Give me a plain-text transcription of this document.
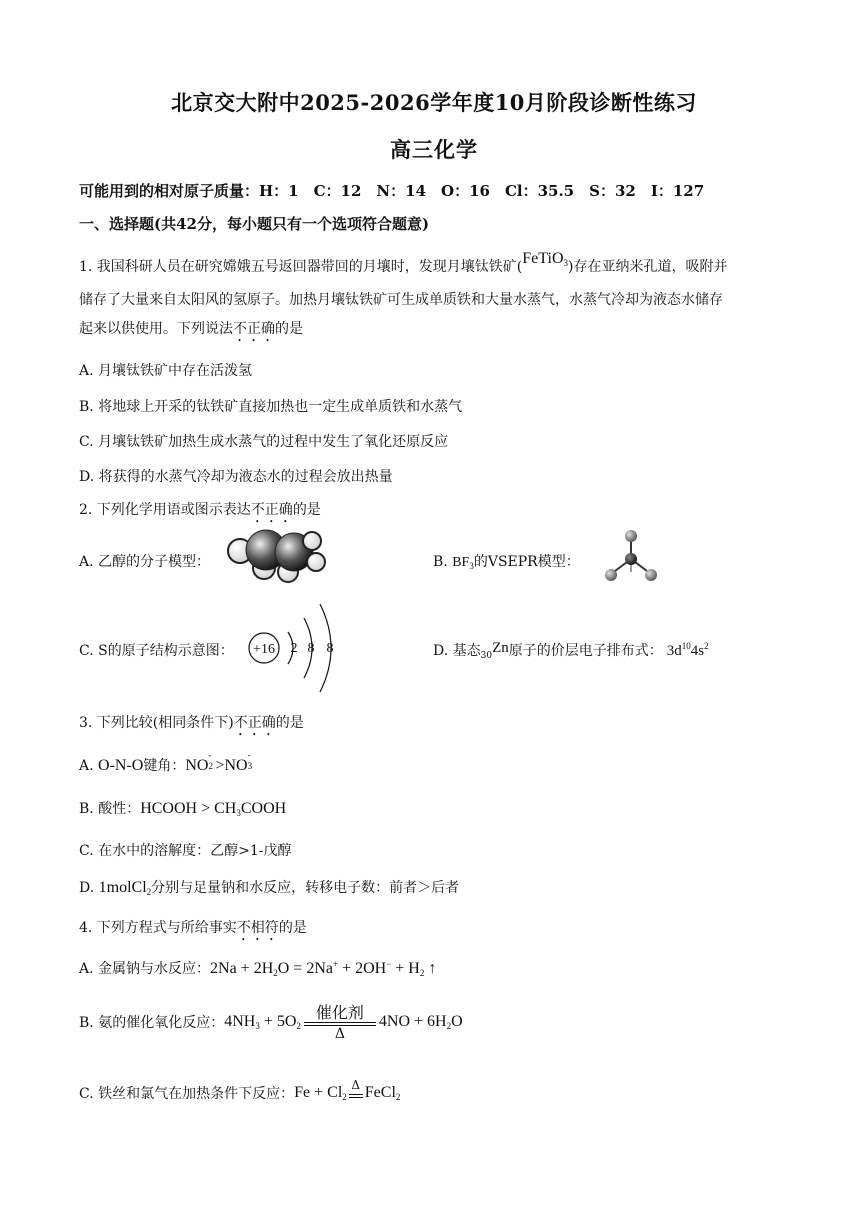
北京交大附中2025-2026学年度10月阶段诊断性练习
高三化学
可能用到的相对原子质量：H：1　C：12　N：14　O：16　Cl：35.5　S：32　I：127
一、选择题(共42分，每小题只有一个选项符合题意)
1. 我国科研人员在研究嫦娥五号返回器带回的月壤时，发现月壤钛铁矿(FeTiO$_3$)存在亚纳米孔道，吸附并
储存了大量来自太阳风的氢原子。加热月壤钛铁矿可生成单质铁和大量水蒸气，水蒸气冷却为液态水储存
起来以供使用。下列说法不正确的是
A. 月壤钛铁矿中存在活泼氢
B. 将地球上开采的钛铁矿直接加热也一定生成单质铁和水蒸气
C. 月壤钛铁矿加热生成水蒸气的过程中发生了氧化还原反应
D. 将获得的水蒸气冷却为液态水的过程会放出热量
2. 下列化学用语或图示表达不正确的是
A. 乙醇的分子模型：	B. $BF_3$的VSEPR模型：
C. S的原子结构示意图： +16 2 8 8	D. 基态$_{30}$Zn原子的价层电子排布式： $3d^{10}4s^2$
3. 下列比较(相同条件下)不正确的是
A. O-N-O键角：NO
-
2 >NO
-
3
B. 酸性：HCOOH > $CH_3COOH$
C. 在水中的溶解度：乙醇>1-戊醇
D. 1molCl$_2$分别与足量钠和水反应，转移电子数：前者＞后者
4. 下列方程式与所给事实不相符的是
A. 金属钠与水反应：$2Na + 2H_2O = 2Na^+ + 2OH^- + H_2$ ↑
B. 氨的催化氧化反应：$4NH_3 + 5O_2 \frac{\text{催化剂}}{\Delta} 4NO + 6H_2O$
C. 铁丝和氯气在加热条件下反应：$Fe + Cl_2$
Δ FeCl$_2$
